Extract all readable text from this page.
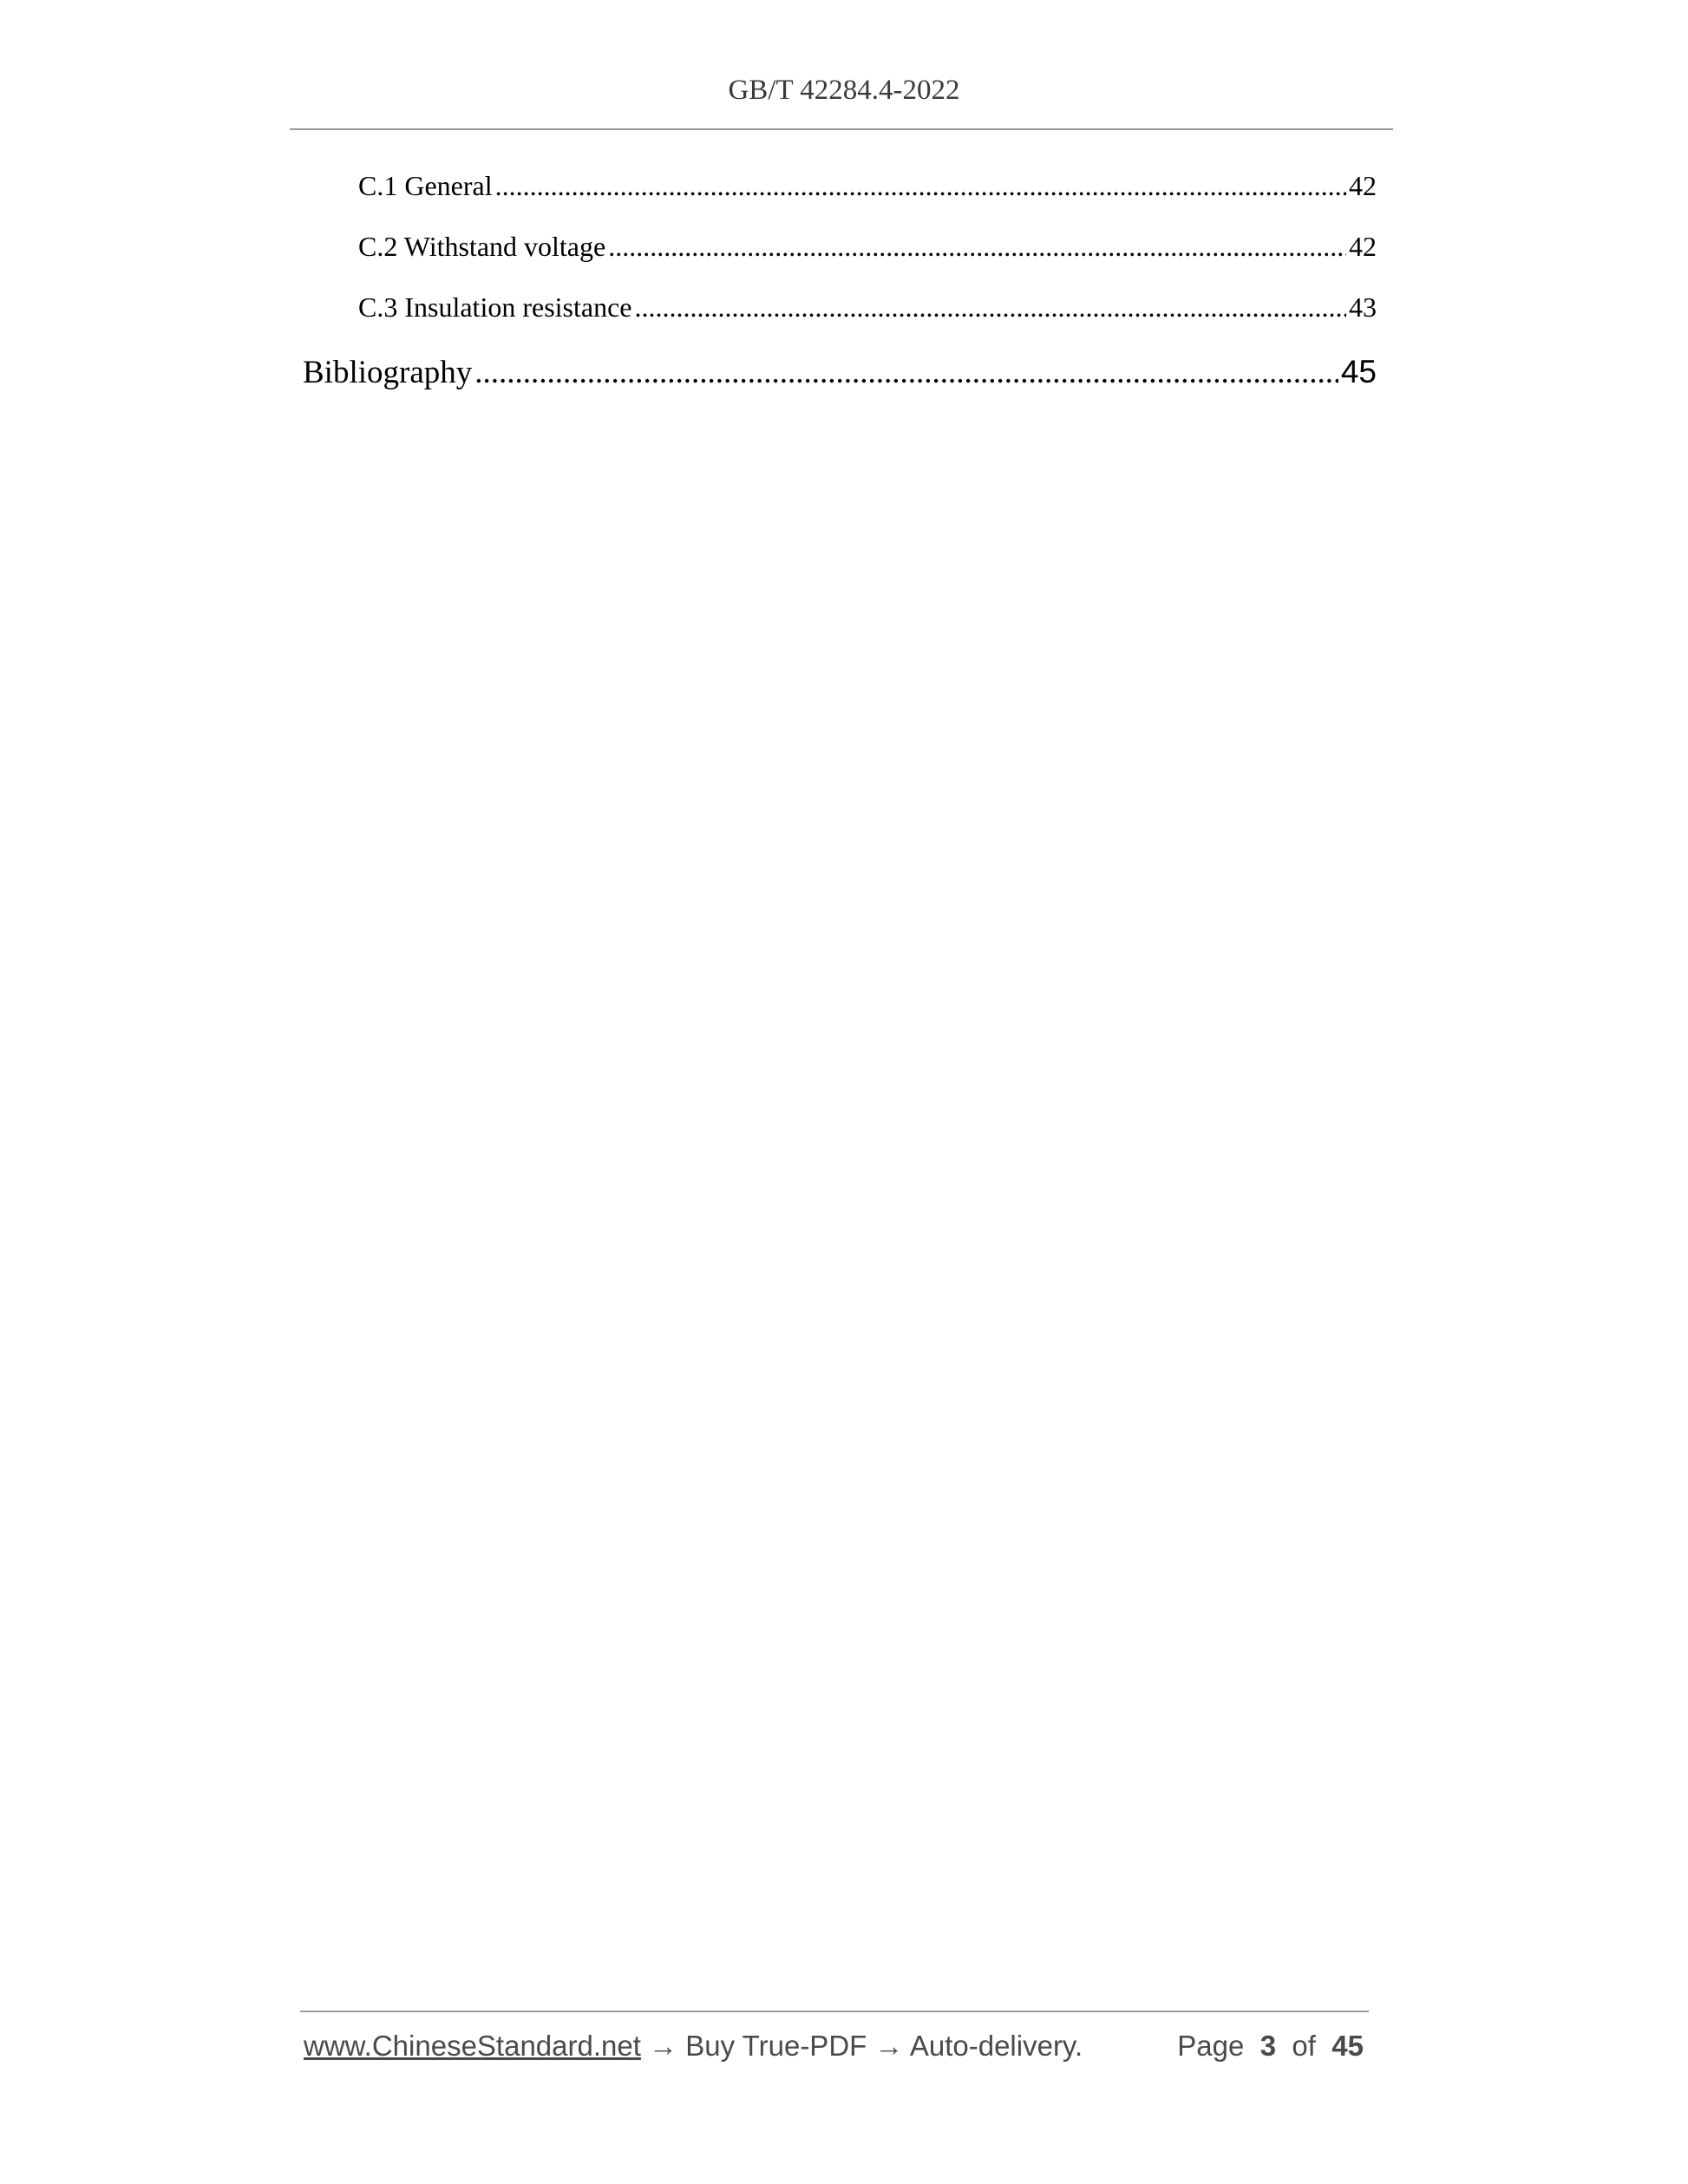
GB/T 42284.4-2022

C.1 General .....	42
C.2 Withstand voltage .....	42
C.3 Insulation resistance .....	43
Bibliography .....	45
www.ChineseStandard.net → Buy True-PDF → Auto-delivery.	Page 3 of 45
